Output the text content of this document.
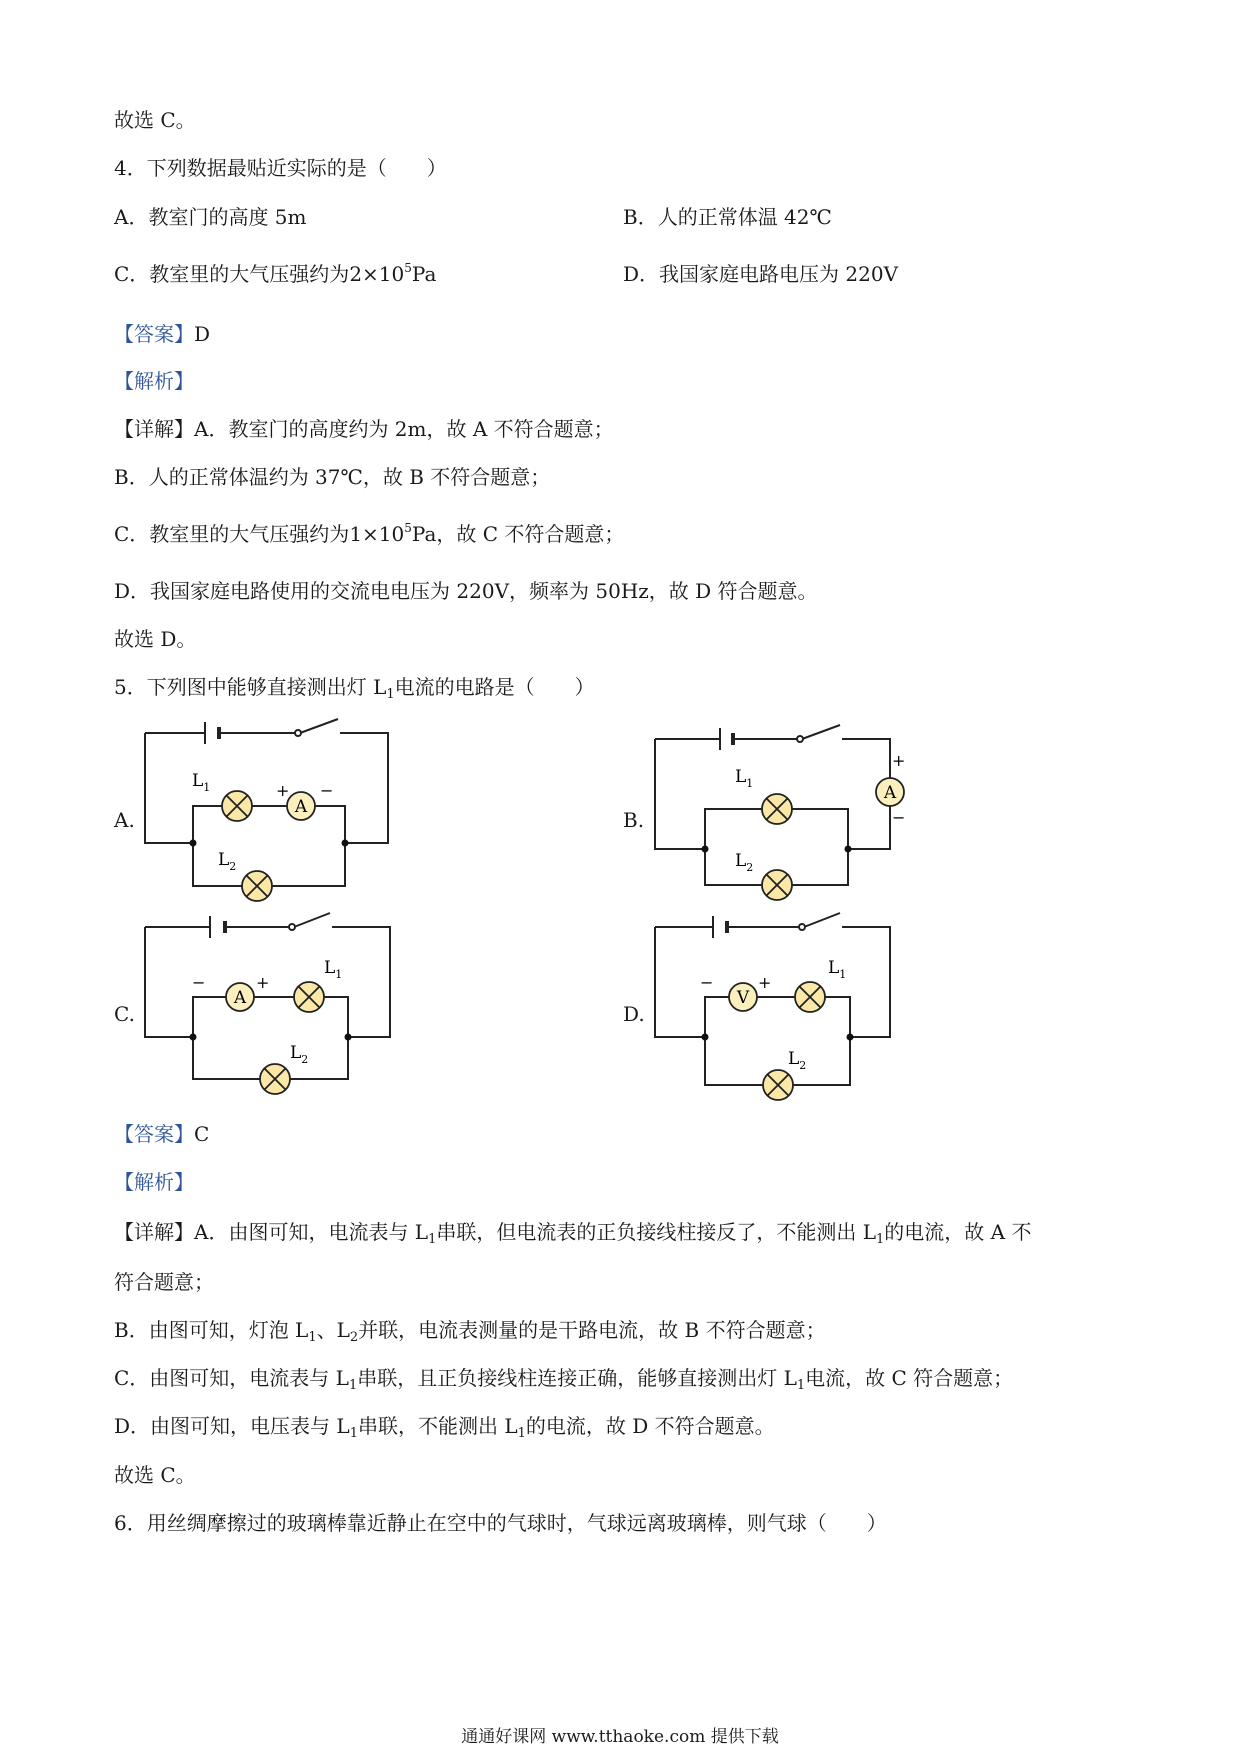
故选 C。
4．下列数据最贴近实际的是（　　）
A．教室门的高度 5m	B．人的正常体温 42℃
C．教室里的大气压强约为$2\times 10^5Pa$	D．我国家庭电路电压为 220V
【答案】D
【解析】
【详解】A．教室门的高度约为 2m，故 A 不符合题意；
B．人的正常体温约为 37℃，故 B 不符合题意；
C．教室里的大气压强约为$1\times 10^5Pa$，故 C 不符合题意；
D．我国家庭电路使用的交流电电压为 220V，频率为 50Hz，故 D 符合题意。
故选 D。
5．下列图中能够直接测出灯 $L_1$电流的电路是（　　）
A.	B.
C.	D.
A
$L_1$
$L_2$
+ −	A
$L_1$
$L_2$
+
−
A
$L_1$
$L_2$
−	+
V
$L_1$
$L_2$
−	+
【答案】C
【解析】
【详解】A．由图可知，电流表与 $L_1$串联，但电流表的正负接线柱接反了，不能测出 $L_1$的电流，故 A 不
符合题意；
B．由图可知，灯泡 $L_1$、$L_2$并联，电流表测量的是干路电流，故 B 不符合题意；
C．由图可知，电流表与 $L_1$串联，且正负接线柱连接正确，能够直接测出灯 $L_1$电流，故 C 符合题意；
D．由图可知，电压表与 $L_1$串联，不能测出 $L_1$的电流，故 D 不符合题意。
故选 C。
6．用丝绸摩擦过的玻璃棒靠近静止在空中的气球时，气球远离玻璃棒，则气球（　　）
通通好课网 www.tthaoke.com 提供下载
